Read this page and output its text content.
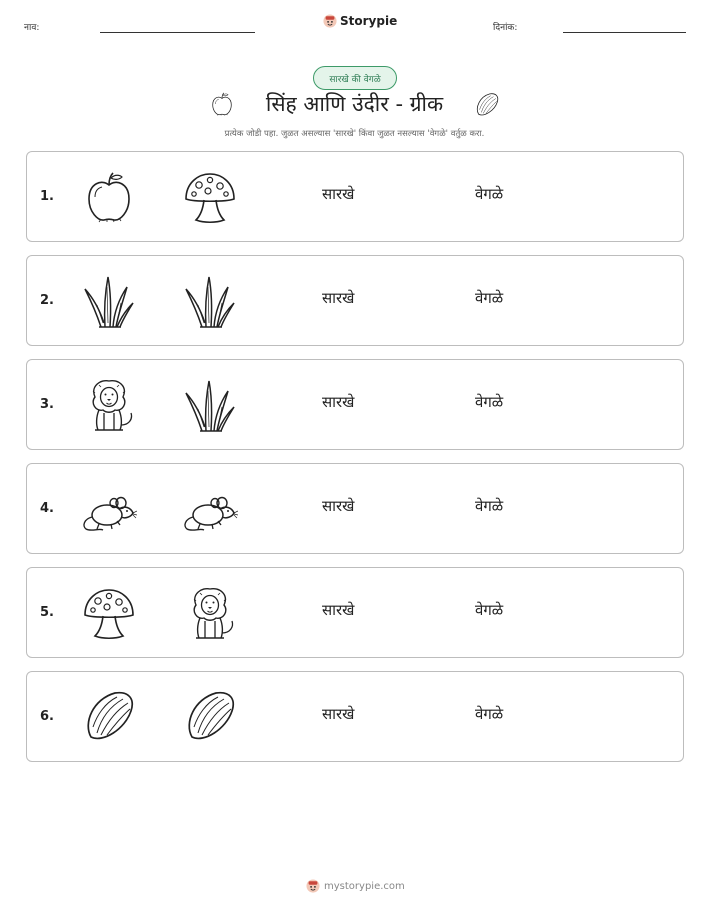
नाव:	Storypie	दिनांक:
सारखे की वेगळे
सिंह आणि उंदीर - ग्रीक
प्रत्येक जोडी पहा. जुळत असल्यास 'सारखे' किंवा जुळत नसल्यास 'वेगळे' वर्तुळ करा.
1.	सारखे	वेगळे
2.	सारखे	वेगळे
3.	सारखे	वेगळे
4.	सारखे	वेगळे
5.	सारखे	वेगळे
6.	सारखे	वेगळे
mystorypie.com
